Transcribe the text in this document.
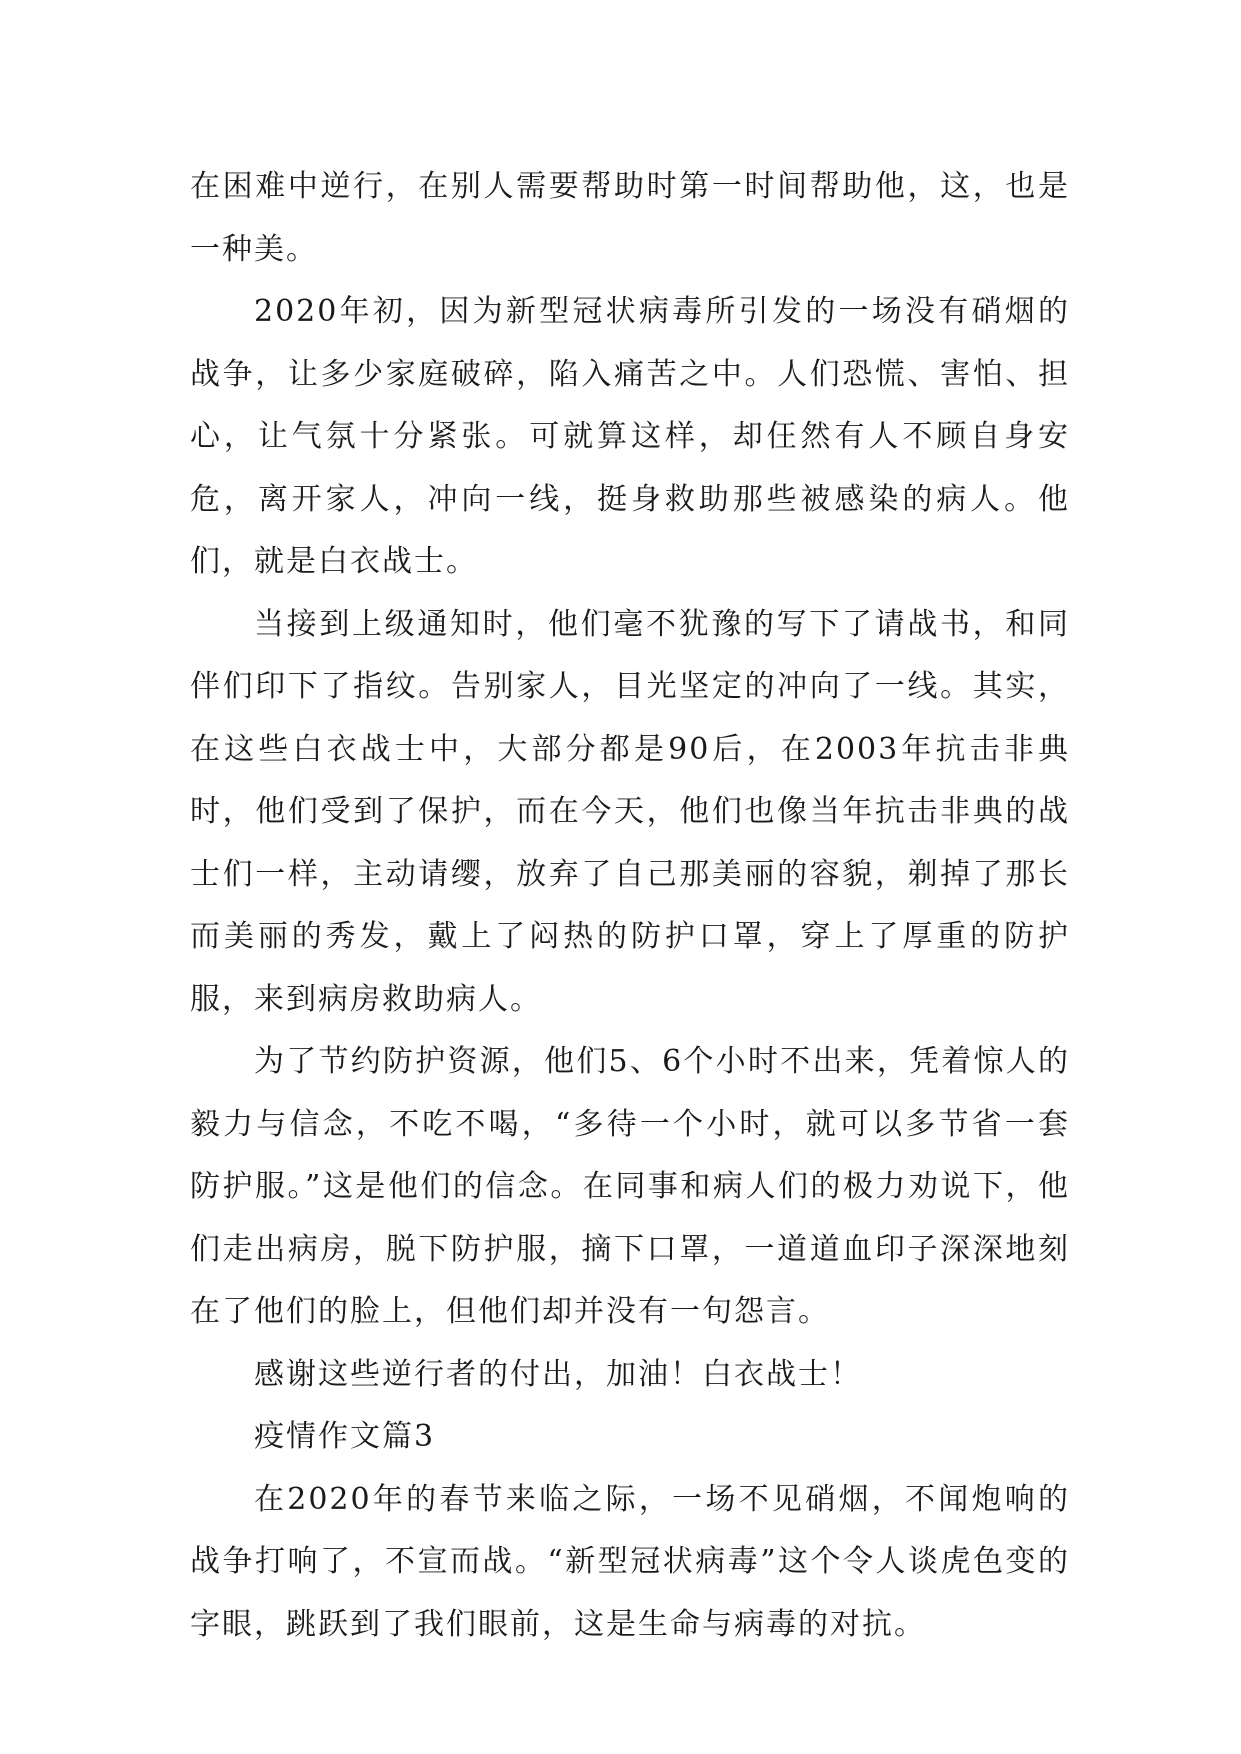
在困难中逆行，在别人需要帮助时第一时间帮助他，这，也是一种美。

2020年初，因为新型冠状病毒所引发的一场没有硝烟的战争，让多少家庭破碎，陷入痛苦之中。人们恐慌、害怕、担心，让气氛十分紧张。可就算这样，却仼然有人不顾自身安危，离开家人，冲向一线，挺身救助那些被感染的病人。他们，就是白衣战士。

当接到上级通知时，他们毫不犹豫的写下了请战书，和同伴们印下了指纹。告别家人，目光坚定的冲向了一线。其实，在这些白衣战士中，大部分都是90后，在2003年抗击非典时，他们受到了保护，而在今天，他们也像当年抗击非典的战士们一样，主动请缨，放弃了自己那美丽的容貌，剃掉了那长而美丽的秀发，戴上了闷热的防护口罩，穿上了厚重的防护服，来到病房救助病人。

为了节约防护资源，他们5、6个小时不出来，凭着惊人的毅力与信念，不吃不喝，“多待一个小时，就可以多节省一套防护服。”这是他们的信念。在同事和病人们的极力劝说下，他们走出病房，脱下防护服，摘下口罩，一道道血印子深深地刻在了他们的脸上，但他们却并没有一句怨言。

感谢这些逆行者的付出，加油！白衣战士！

疫情作文篇3

在2020年的春节来临之际，一场不见硝烟，不闻炮响的战争打响了，不宣而战。“新型冠状病毒”这个令人谈虎色变的字眼，跳跃到了我们眼前，这是生命与病毒的对抗。
